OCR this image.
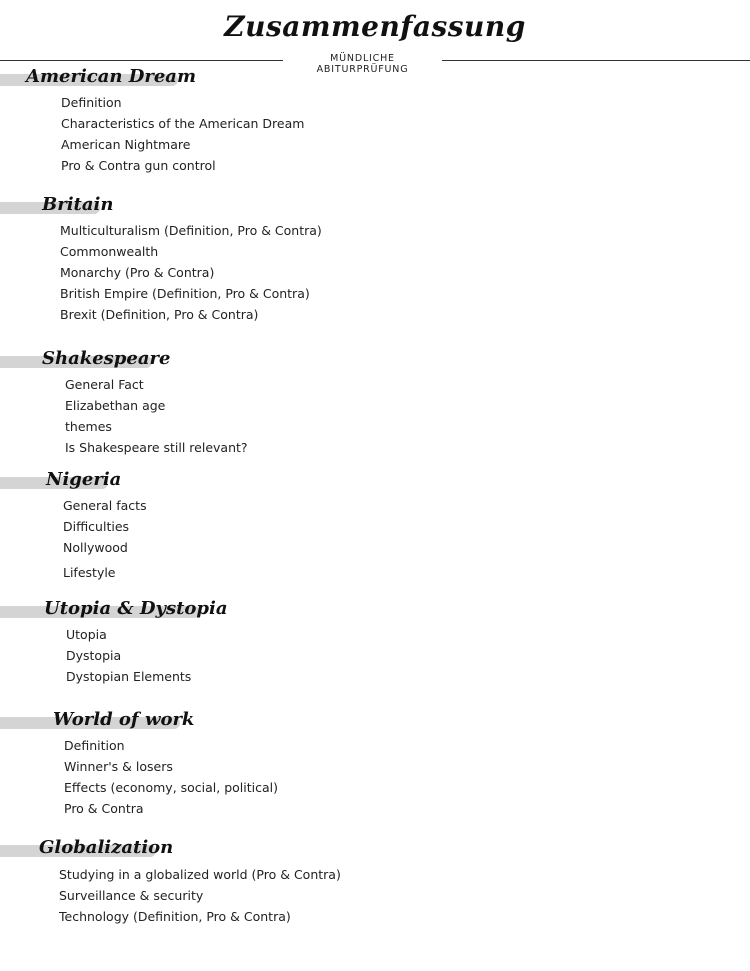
Zusammenfassung
MÜNDLICHE ABITURPRÜFUNG
American Dream
Definition
Characteristics of the American Dream
American Nightmare
Pro & Contra gun control
Britain
Multiculturalism (Definition, Pro & Contra)
Commonwealth
Monarchy (Pro & Contra)
British Empire (Definition, Pro & Contra)
Brexit (Definition, Pro & Contra)
Shakespeare
General Fact
Elizabethan age
themes
Is Shakespeare still relevant?
Nigeria
General facts
Difficulties
Nollywood
Lifestyle
Utopia & Dystopia
Utopia
Dystopia
Dystopian Elements
World of work
Definition
Winner's & losers
Effects (economy, social, political)
Pro & Contra
Globalization
Studying in a globalized world (Pro & Contra)
Surveillance & security
Technology (Definition, Pro & Contra)
